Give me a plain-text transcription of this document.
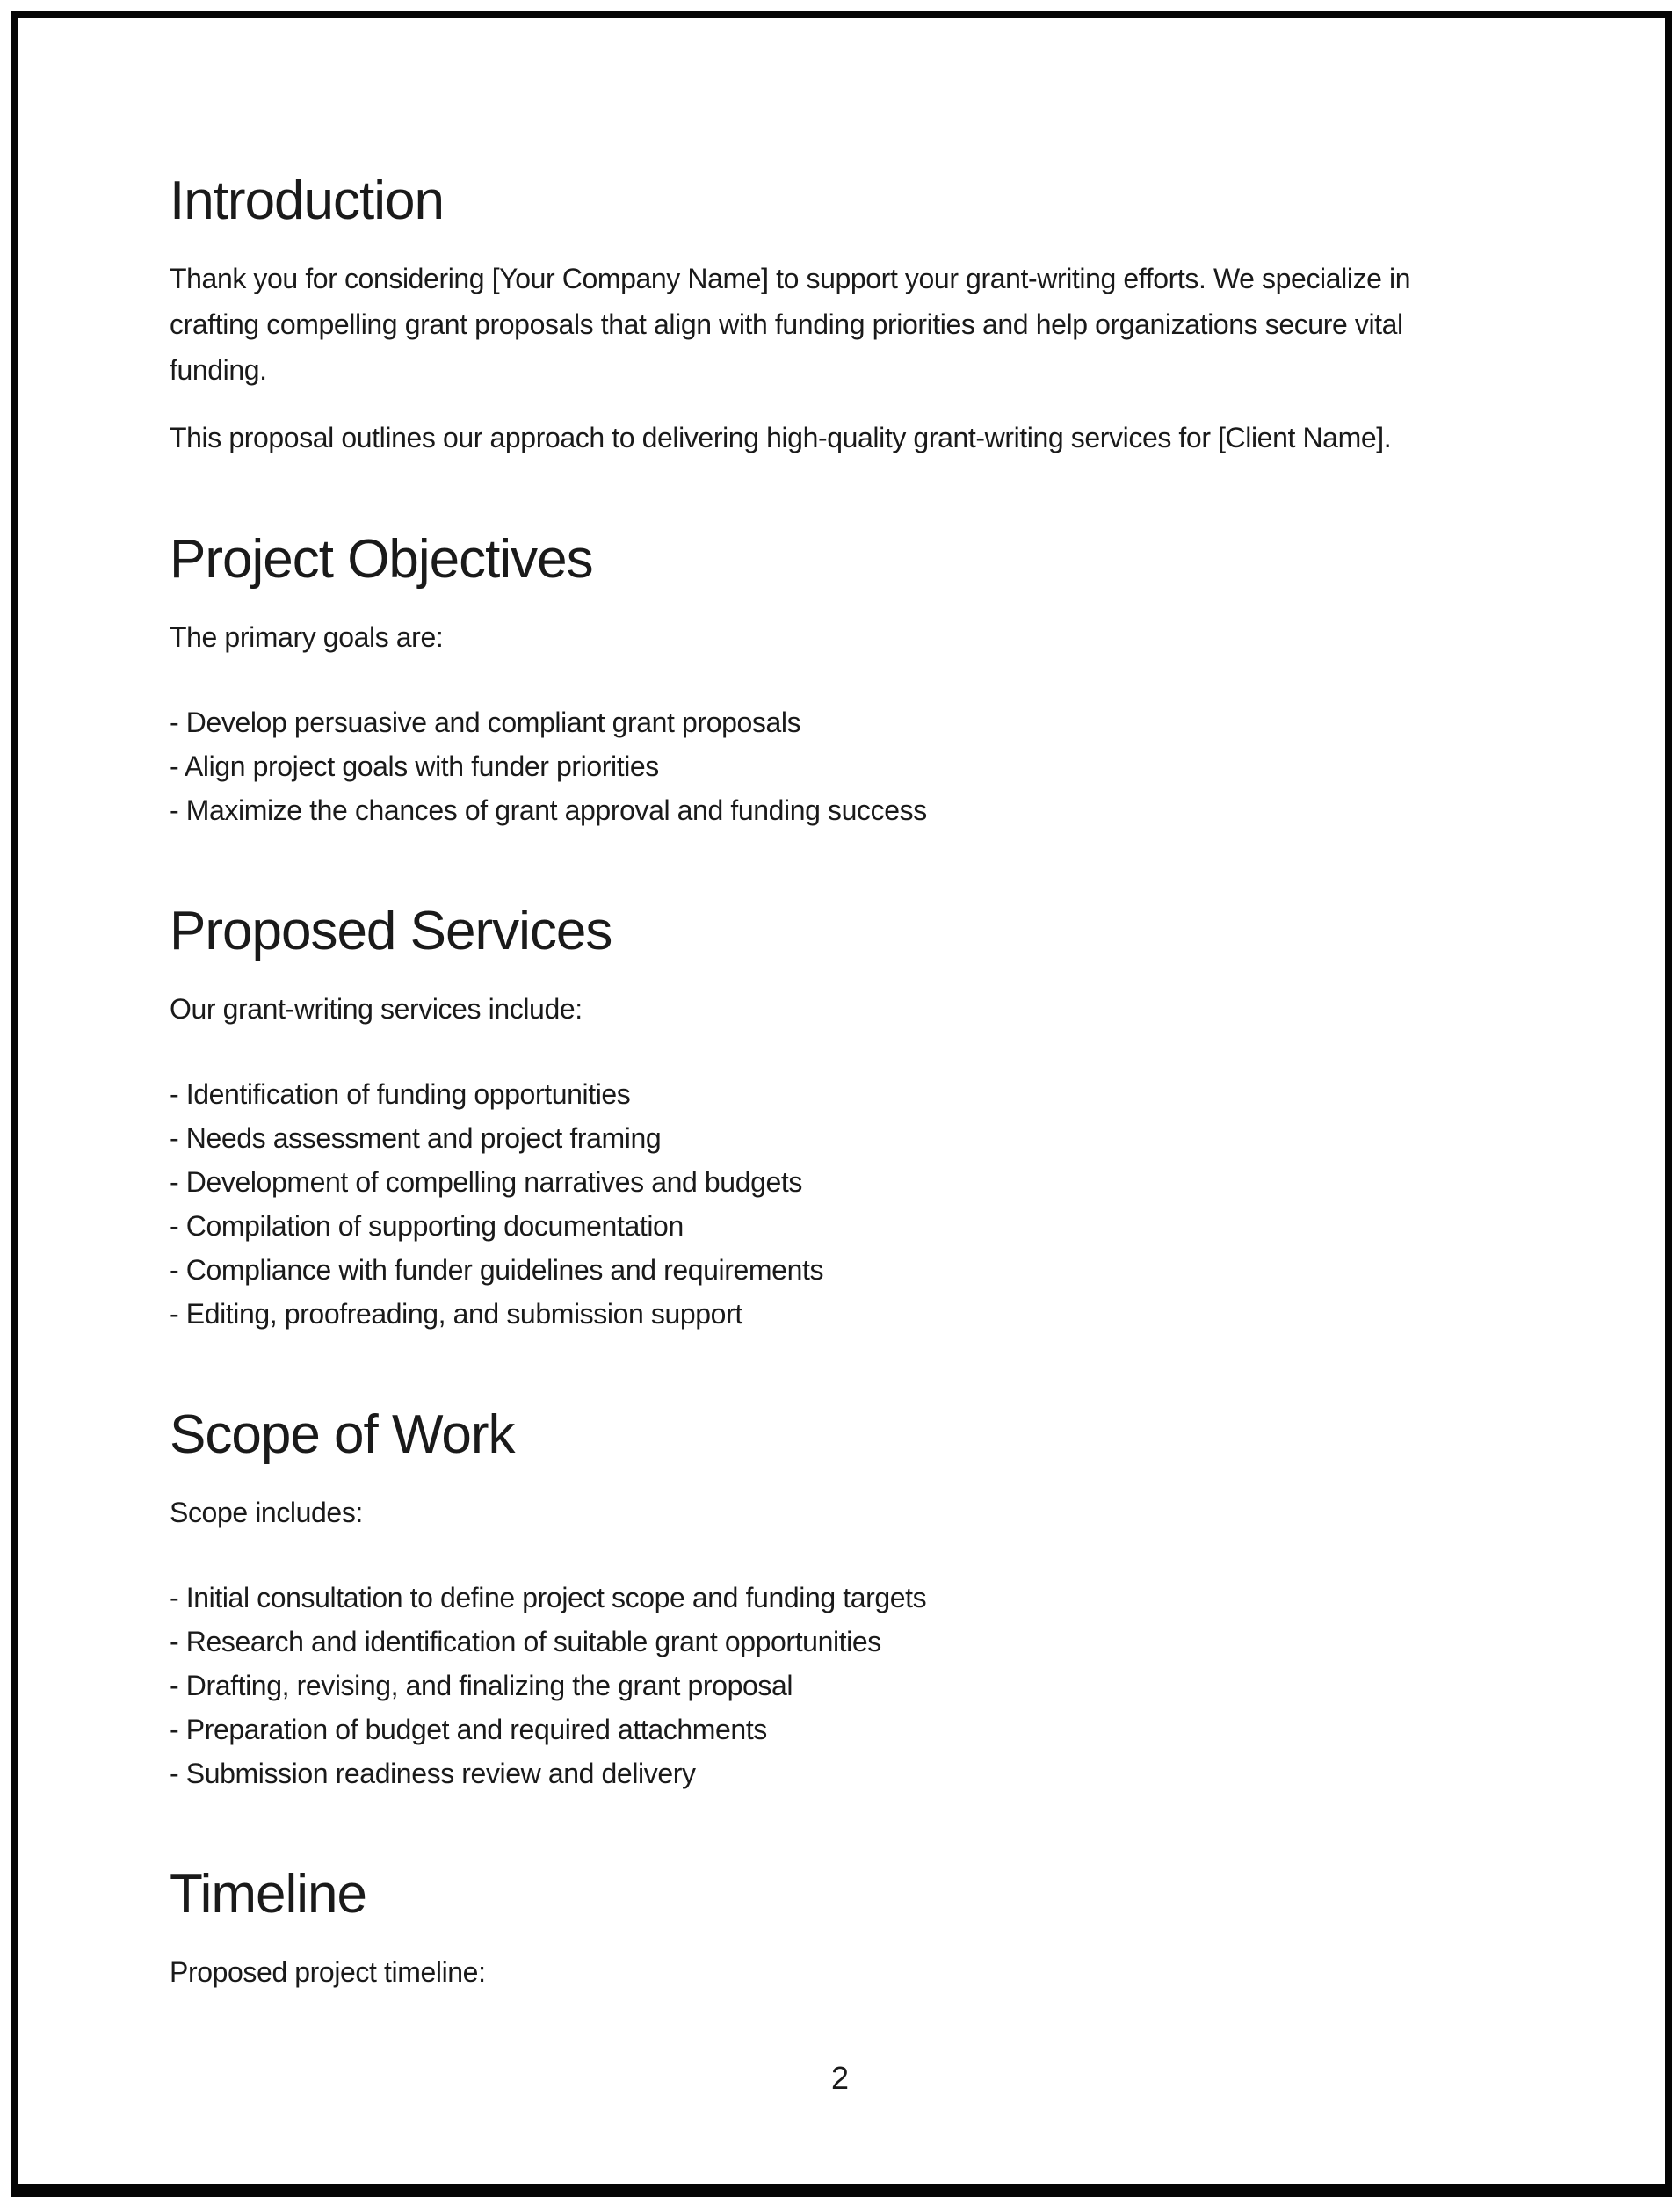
Introduction
Thank you for considering [Your Company Name] to support your grant-writing efforts. We specialize in
crafting compelling grant proposals that align with funding priorities and help organizations secure vital
funding.
This proposal outlines our approach to delivering high-quality grant-writing services for [Client Name].
Project Objectives
The primary goals are:
- Develop persuasive and compliant grant proposals
- Align project goals with funder priorities
- Maximize the chances of grant approval and funding success
Proposed Services
Our grant-writing services include:
- Identification of funding opportunities
- Needs assessment and project framing
- Development of compelling narratives and budgets
- Compilation of supporting documentation
- Compliance with funder guidelines and requirements
- Editing, proofreading, and submission support
Scope of Work
Scope includes:
- Initial consultation to define project scope and funding targets
- Research and identification of suitable grant opportunities
- Drafting, revising, and finalizing the grant proposal
- Preparation of budget and required attachments
- Submission readiness review and delivery
Timeline
Proposed project timeline:
2
